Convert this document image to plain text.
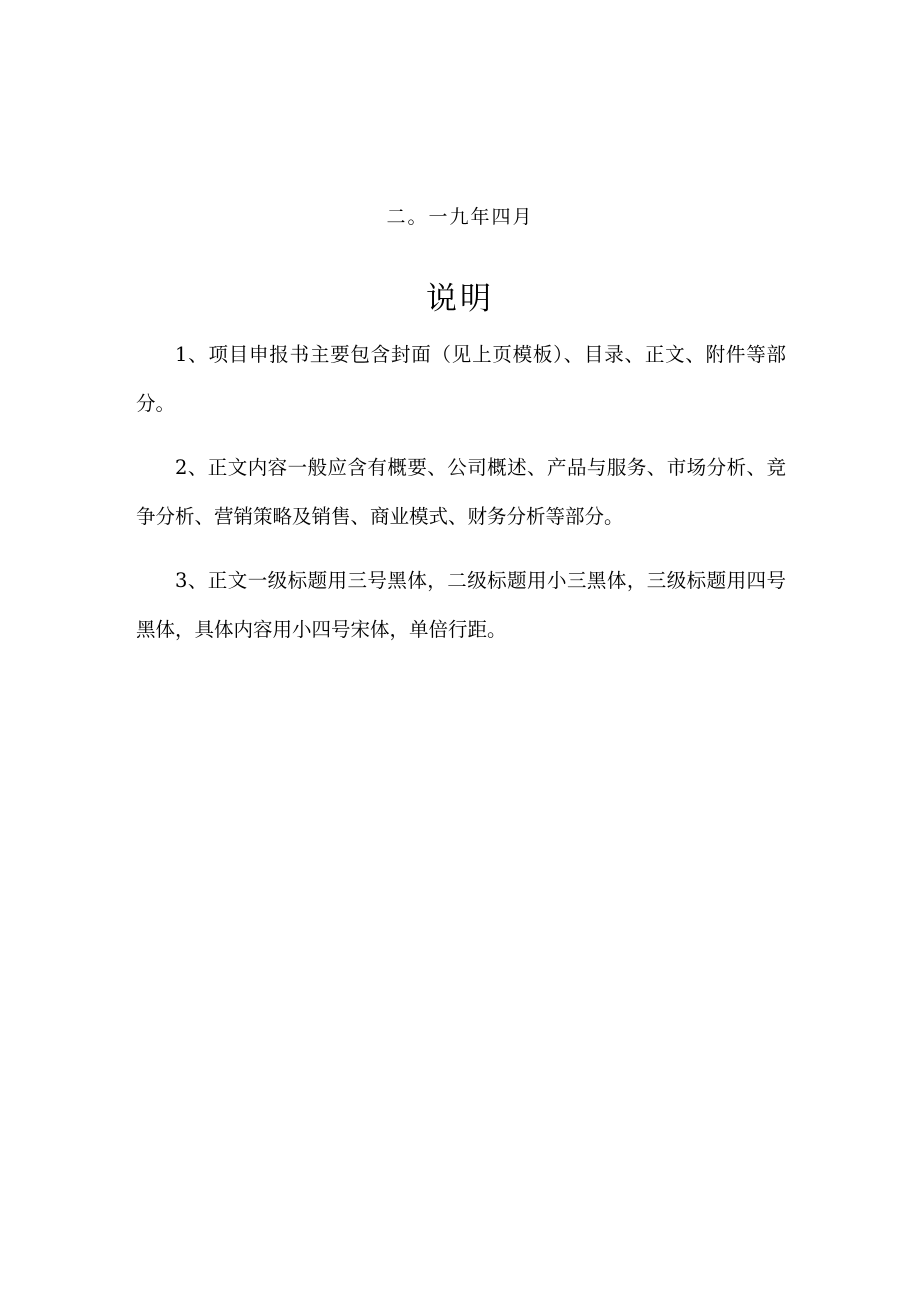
二。一九年四月
说明

1、项目申报书主要包含封面（见上页模板）、目录、正文、附件等部分。

2、正文内容一般应含有概要、公司概述、产品与服务、市场分析、竞争分析、营销策略及销售、商业模式、财务分析等部分。

3、正文一级标题用三号黑体，二级标题用小三黑体，三级标题用四号黑体，具体内容用小四号宋体，单倍行距。
